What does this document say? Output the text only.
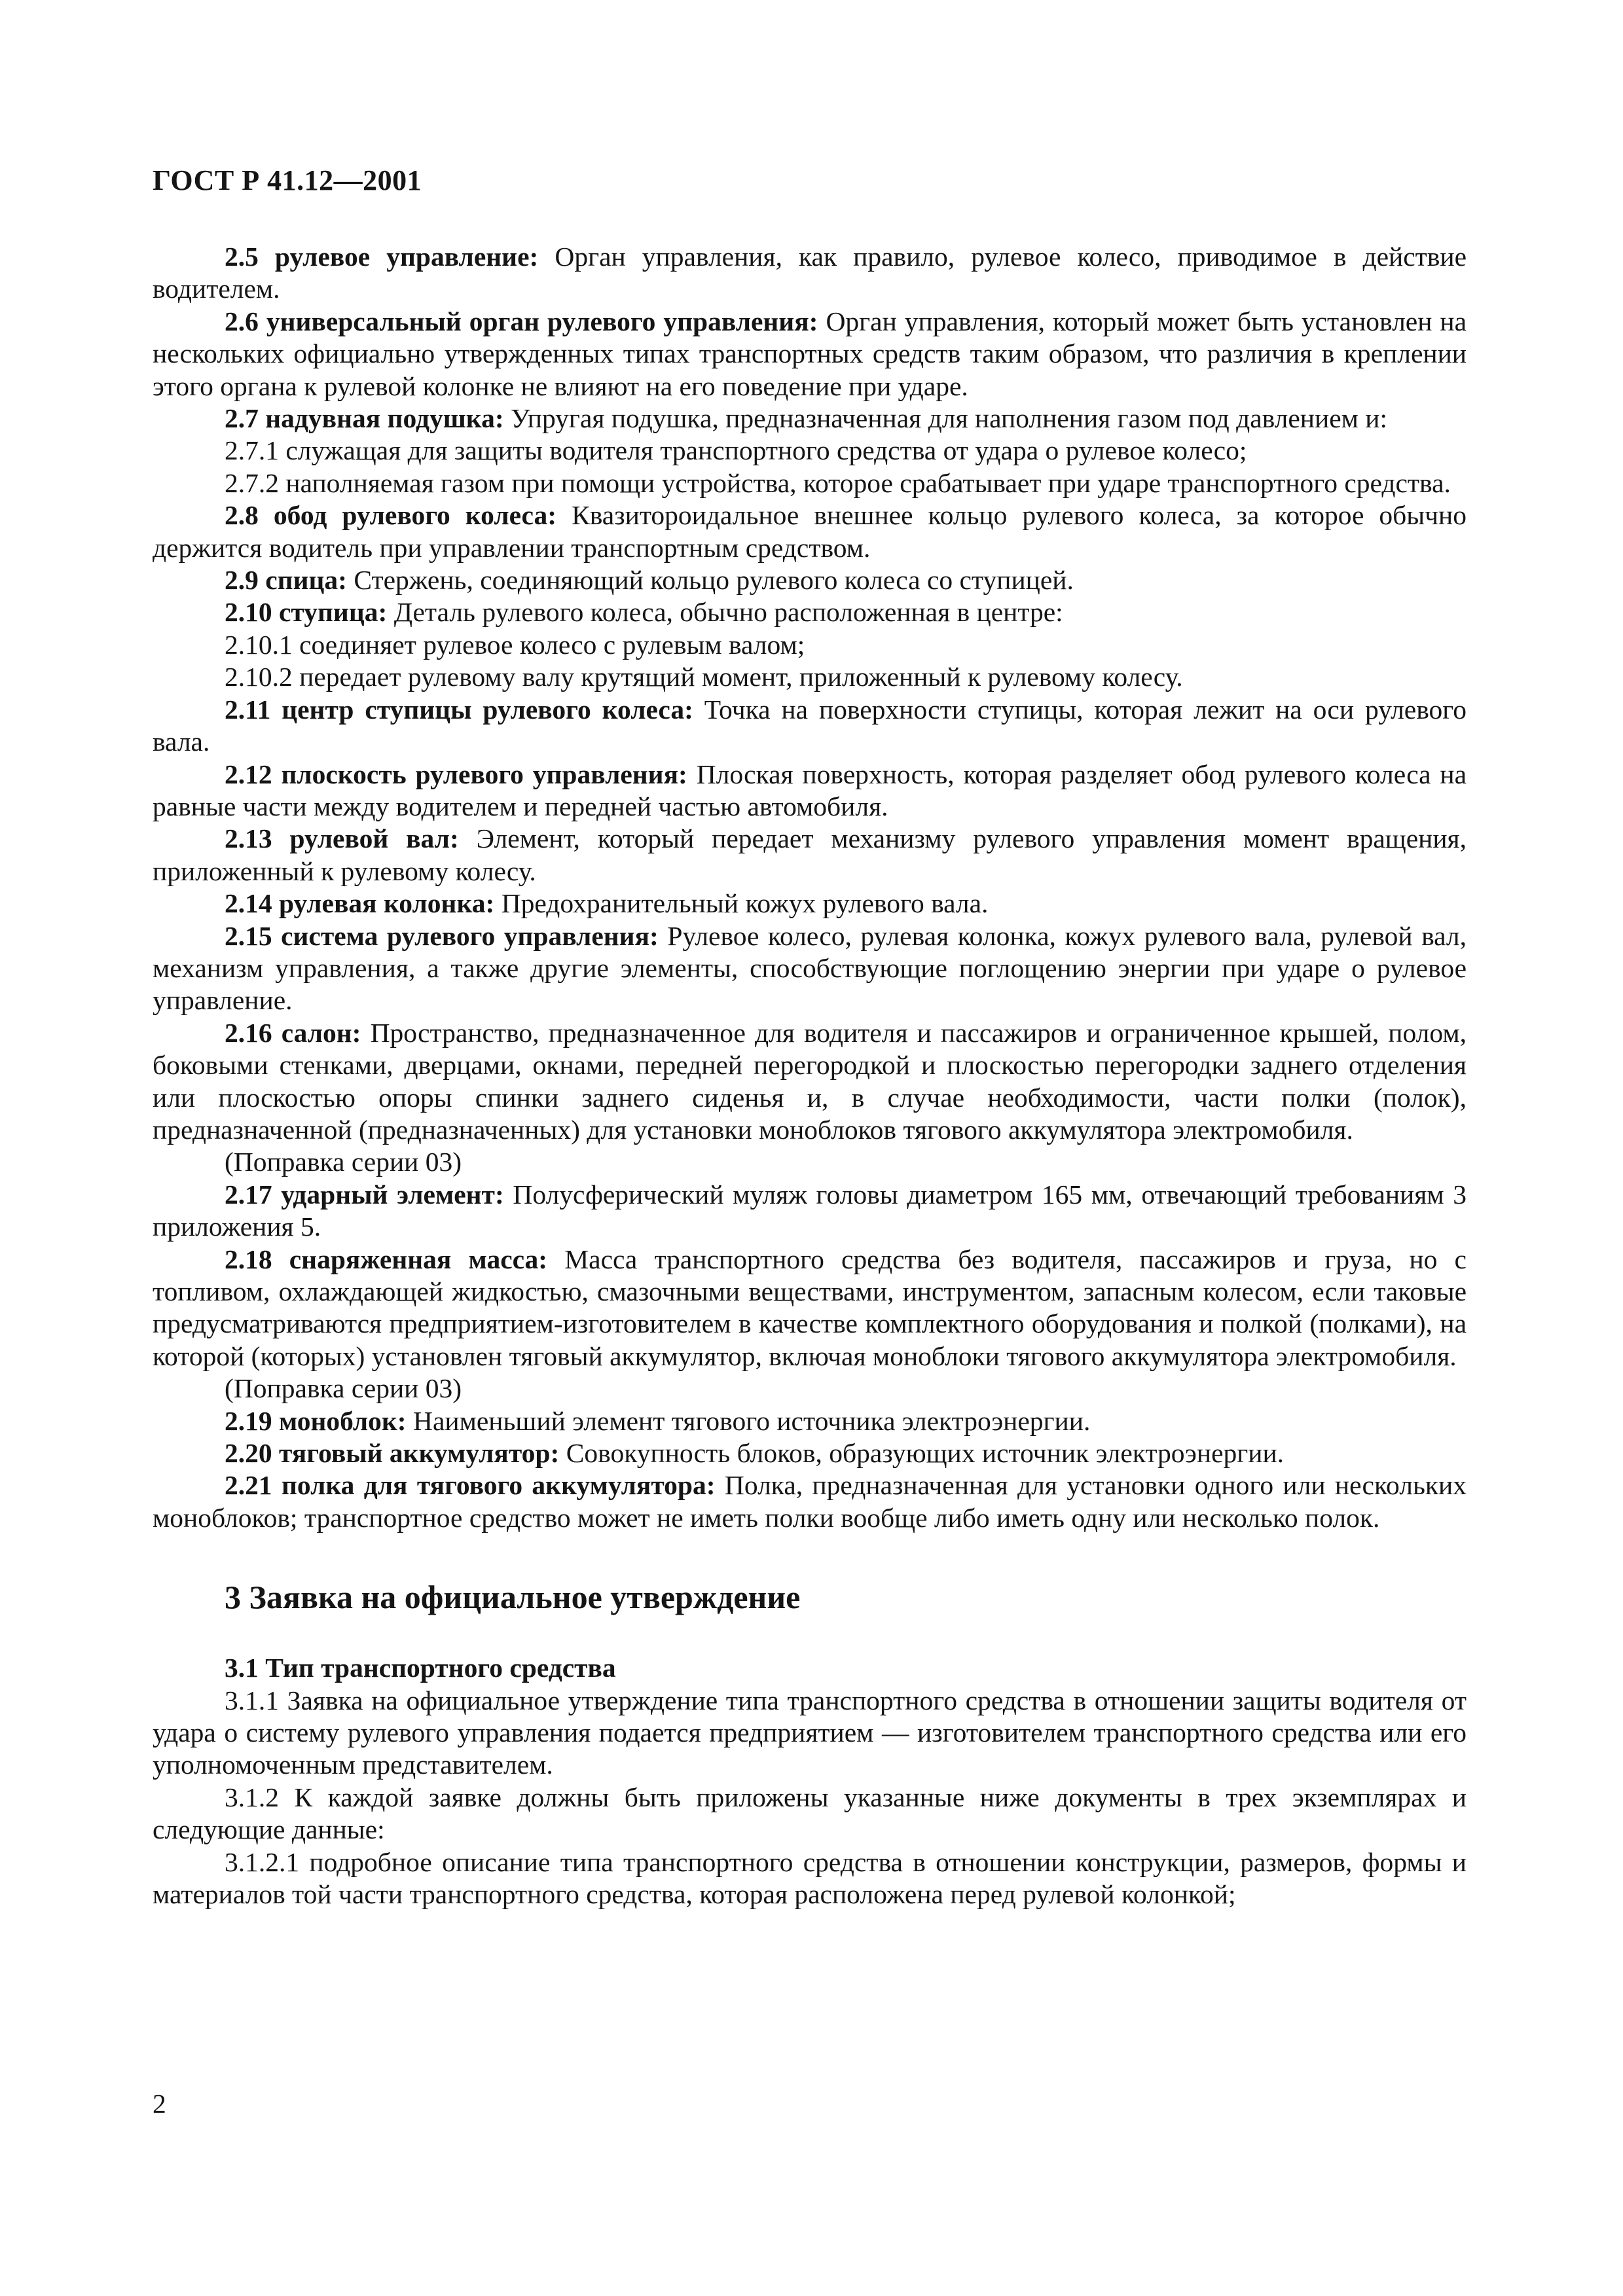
ГОСТ Р 41.12—2001

2.5 рулевое управление: Орган управления, как правило, рулевое колесо, приводимое в действие водителем.

2.6 универсальный орган рулевого управления: Орган управления, который может быть установлен на нескольких официально утвержденных типах транспортных средств таким образом, что различия в креплении этого органа к рулевой колонке не влияют на его поведение при ударе.

2.7 надувная подушка: Упругая подушка, предназначенная для наполнения газом под давлением и:

2.7.1 служащая для защиты водителя транспортного средства от удара о рулевое колесо;

2.7.2 наполняемая газом при помощи устройства, которое срабатывает при ударе транспортного средства.

2.8 обод рулевого колеса: Квазитороидальное внешнее кольцо рулевого колеса, за которое обычно держится водитель при управлении транспортным средством.

2.9 спица: Стержень, соединяющий кольцо рулевого колеса со ступицей.

2.10 ступица: Деталь рулевого колеса, обычно расположенная в центре:

2.10.1 соединяет рулевое колесо с рулевым валом;

2.10.2 передает рулевому валу крутящий момент, приложенный к рулевому колесу.

2.11 центр ступицы рулевого колеса: Точка на поверхности ступицы, которая лежит на оси рулевого вала.

2.12 плоскость рулевого управления: Плоская поверхность, которая разделяет обод рулевого колеса на равные части между водителем и передней частью автомобиля.

2.13 рулевой вал: Элемент, который передает механизму рулевого управления момент вращения, приложенный к рулевому колесу.

2.14 рулевая колонка: Предохранительный кожух рулевого вала.

2.15 система рулевого управления: Рулевое колесо, рулевая колонка, кожух рулевого вала, рулевой вал, механизм управления, а также другие элементы, способствующие поглощению энергии при ударе о рулевое управление.

2.16 салон: Пространство, предназначенное для водителя и пассажиров и ограниченное крышей, полом, боковыми стенками, дверцами, окнами, передней перегородкой и плоскостью перегородки заднего отделения или плоскостью опоры спинки заднего сиденья и, в случае необходимости, части полки (полок), предназначенной (предназначенных) для установки моноблоков тягового аккумулятора электромобиля.

(Поправка серии 03)

2.17 ударный элемент: Полусферический муляж головы диаметром 165 мм, отвечающий требованиям 3 приложения 5.

2.18 снаряженная масса: Масса транспортного средства без водителя, пассажиров и груза, но с топливом, охлаждающей жидкостью, смазочными веществами, инструментом, запасным колесом, если таковые предусматриваются предприятием-изготовителем в качестве комплектного оборудования и полкой (полками), на которой (которых) установлен тяговый аккумулятор, включая моноблоки тягового аккумулятора электромобиля.

(Поправка серии 03)

2.19 моноблок: Наименьший элемент тягового источника электроэнергии.

2.20 тяговый аккумулятор: Совокупность блоков, образующих источник электроэнергии.

2.21 полка для тягового аккумулятора: Полка, предназначенная для установки одного или нескольких моноблоков; транспортное средство может не иметь полки вообще либо иметь одну или несколько полок.

3 Заявка на официальное утверждение
3.1 Тип транспортного средства

3.1.1 Заявка на официальное утверждение типа транспортного средства в отношении защиты водителя от удара о систему рулевого управления подается предприятием — изготовителем транспортного средства или его уполномоченным представителем.

3.1.2 К каждой заявке должны быть приложены указанные ниже документы в трех экземплярах и следующие данные:

3.1.2.1 подробное описание типа транспортного средства в отношении конструкции, размеров, формы и материалов той части транспортного средства, которая расположена перед рулевой колонкой;

2
